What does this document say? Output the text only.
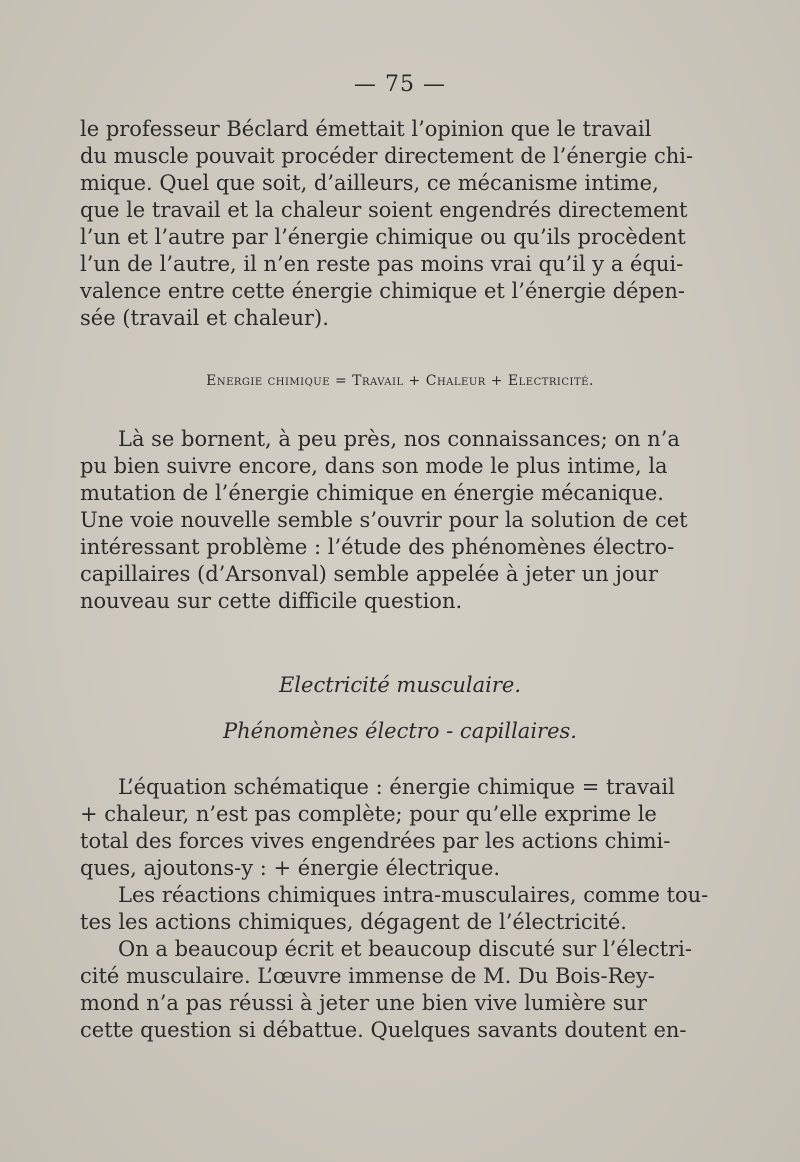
— 75 —
le professeur Béclard émettait l’opinion que le travail
du muscle pouvait procéder directement de l’énergie chi-
mique. Quel que soit, d’ailleurs, ce mécanisme intime,
que le travail et la chaleur soient engendrés directement
l’un et l’autre par l’énergie chimique ou qu’ils procèdent
l’un de l’autre, il n’en reste pas moins vrai qu’il y a équi-
valence entre cette énergie chimique et l’énergie dépen-
sée (travail et chaleur).
Energie chimique = Travail + Chaleur + Electricité.
Là se bornent, à peu près, nos connaissances; on n’a
pu bien suivre encore, dans son mode le plus intime, la
mutation de l’énergie chimique en énergie mécanique.
Une voie nouvelle semble s’ouvrir pour la solution de cet
intéressant problème : l’étude des phénomènes électro-
capillaires (d’Arsonval) semble appelée à jeter un jour
nouveau sur cette difficile question.
Electricité musculaire.
Phénomènes électro - capillaires.
L’équation schématique : énergie chimique = travail
+ chaleur, n’est pas complète; pour qu’elle exprime le
total des forces vives engendrées par les actions chimi-
ques, ajoutons-y : + énergie électrique.
Les réactions chimiques intra-musculaires, comme tou-
tes les actions chimiques, dégagent de l’électricité.
On a beaucoup écrit et beaucoup discuté sur l’électri-
cité musculaire. L’œuvre immense de M. Du Bois-Rey-
mond n’a pas réussi à jeter une bien vive lumière sur
cette question si débattue. Quelques savants doutent en-
